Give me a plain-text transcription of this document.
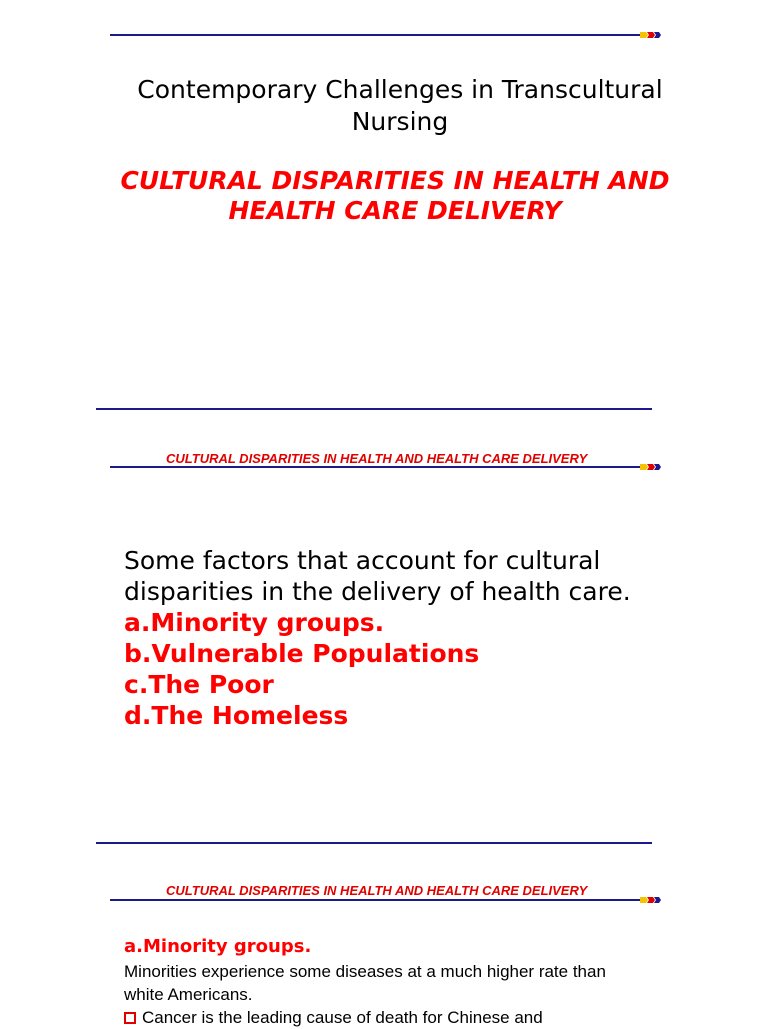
Contemporary Challenges in Transcultural Nursing
CULTURAL DISPARITIES IN HEALTH AND HEALTH CARE DELIVERY
CULTURAL DISPARITIES IN HEALTH AND HEALTH CARE DELIVERY
Some factors that account for cultural disparities in the delivery of health care.
a.Minority groups.
b.Vulnerable Populations
c.The Poor
d.The Homeless
CULTURAL DISPARITIES IN HEALTH AND HEALTH CARE DELIVERY
a.Minority groups.
Minorities experience some diseases at a much higher rate than white Americans.
Cancer is the leading cause of death for Chinese and
